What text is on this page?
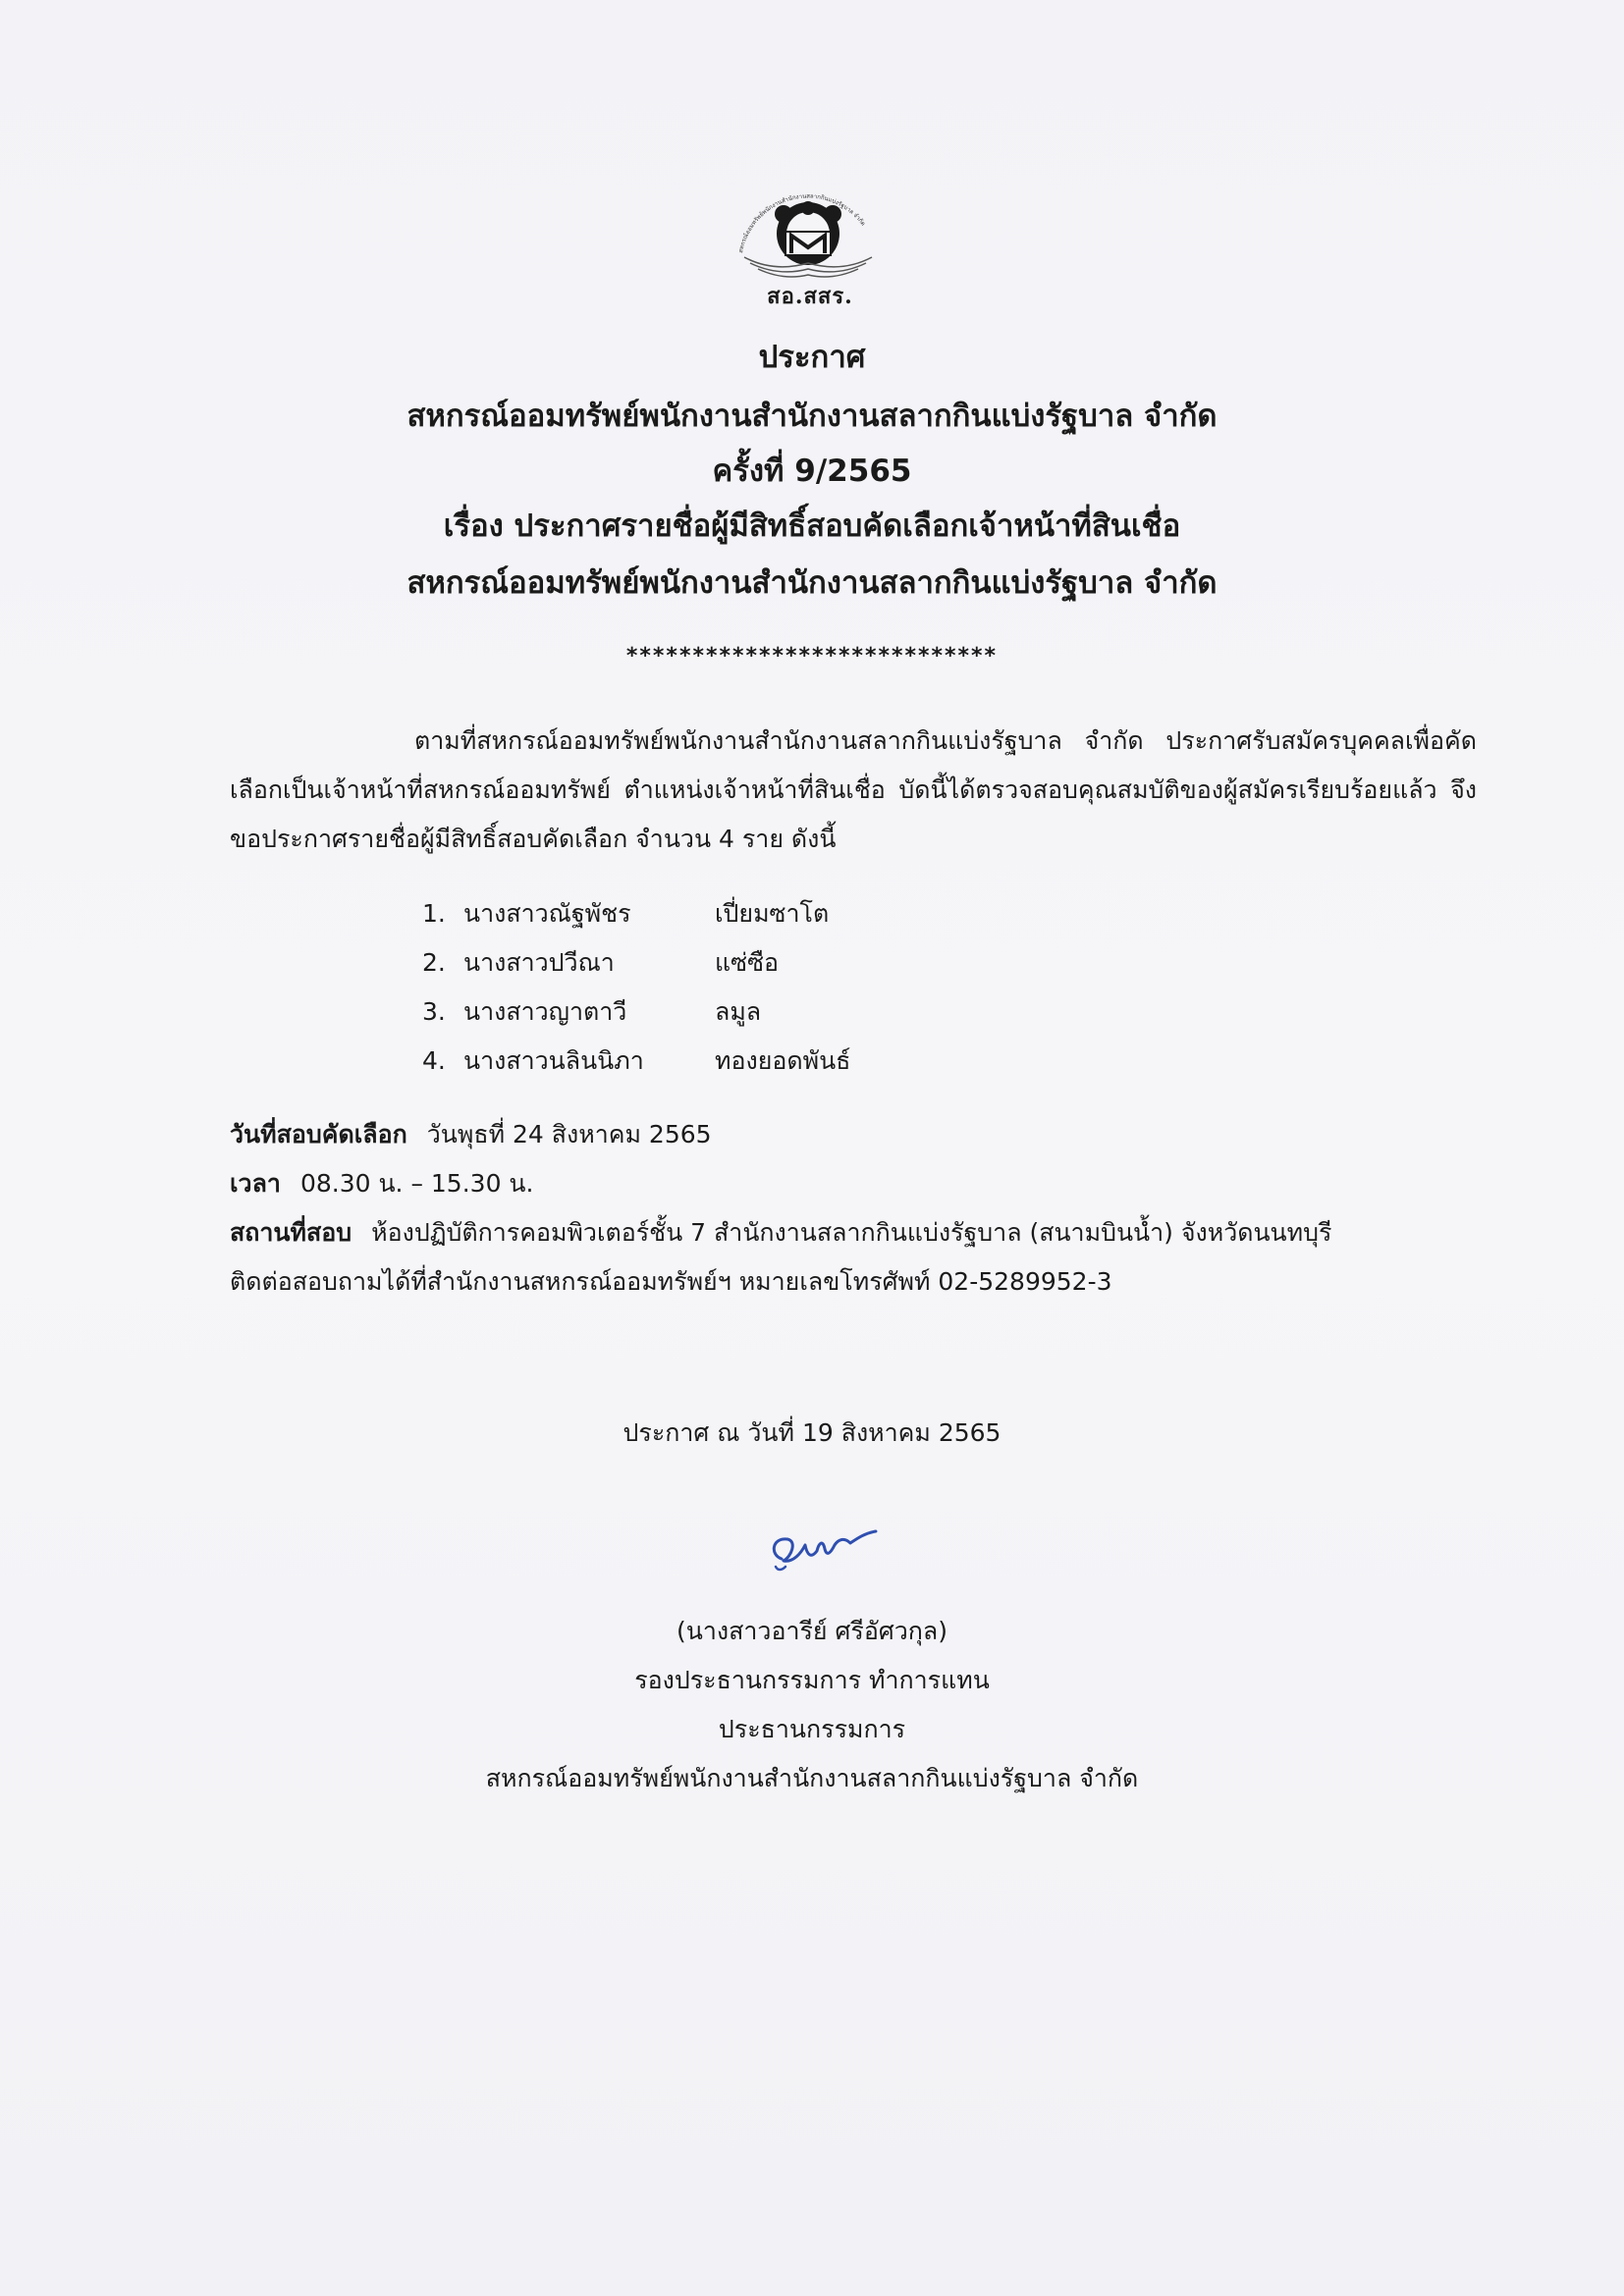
สหกรณ์ออมทรัพย์พนักงานสำนักงานสลากกินแบ่งรัฐบาล จำกัด
สอ.สสร.
ประกาศ
สหกรณ์ออมทรัพย์พนักงานสำนักงานสลากกินแบ่งรัฐบาล จำกัด
ครั้งที่ 9/2565
เรื่อง ประกาศรายชื่อผู้มีสิทธิ์สอบคัดเลือกเจ้าหน้าที่สินเชื่อ
สหกรณ์ออมทรัพย์พนักงานสำนักงานสลากกินแบ่งรัฐบาล จำกัด
****************************
ตามที่สหกรณ์ออมทรัพย์พนักงานสำนักงานสลากกินแบ่งรัฐบาล จำกัด ประกาศรับสมัครบุคคลเพื่อคัดเลือกเป็นเจ้าหน้าที่สหกรณ์ออมทรัพย์ ตำแหน่งเจ้าหน้าที่สินเชื่อ บัดนี้ได้ตรวจสอบคุณสมบัติของผู้สมัครเรียบร้อยแล้ว จึงขอประกาศรายชื่อผู้มีสิทธิ์สอบคัดเลือก จำนวน 4 ราย ดังนี้
1. นางสาวณัฐพัชร	เปี่ยมซาโต
2. นางสาวปวีณา	แซ่ซือ
3. นางสาวญาตาวี	ลมูล
4. นางสาวนลินนิภา	ทองยอดพันธ์
วันที่สอบคัดเลือก วันพุธที่ 24 สิงหาคม 2565
เวลา 08.30 น. – 15.30 น.
สถานที่สอบ ห้องปฏิบัติการคอมพิวเตอร์ชั้น 7 สำนักงานสลากกินแบ่งรัฐบาล (สนามบินน้ำ) จังหวัดนนทบุรี
ติดต่อสอบถามได้ที่สำนักงานสหกรณ์ออมทรัพย์ฯ หมายเลขโทรศัพท์ 02-5289952-3
ประกาศ ณ วันที่ 19 สิงหาคม 2565
(นางสาวอารีย์ ศรีอัศวกุล)
รองประธานกรรมการ ทำการแทน
ประธานกรรมการ
สหกรณ์ออมทรัพย์พนักงานสำนักงานสลากกินแบ่งรัฐบาล จำกัด
